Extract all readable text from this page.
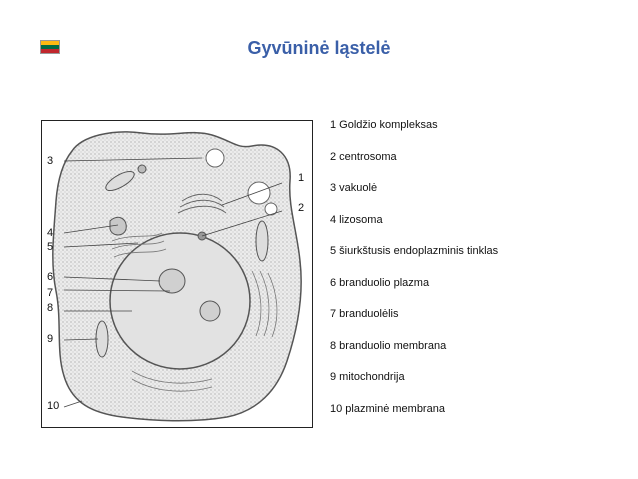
Gyvūninė ląstelė
1
2
3
4
5
6
7
8
9
10
1 Goldžio kompleksas
2 centrosoma
3 vakuolė
4 lizosoma
5 šiurkštusis endoplazminis tinklas
6 branduolio plazma
7 branduolėlis
8 branduolio membrana
9 mitochondrija
10 plazminė membrana
